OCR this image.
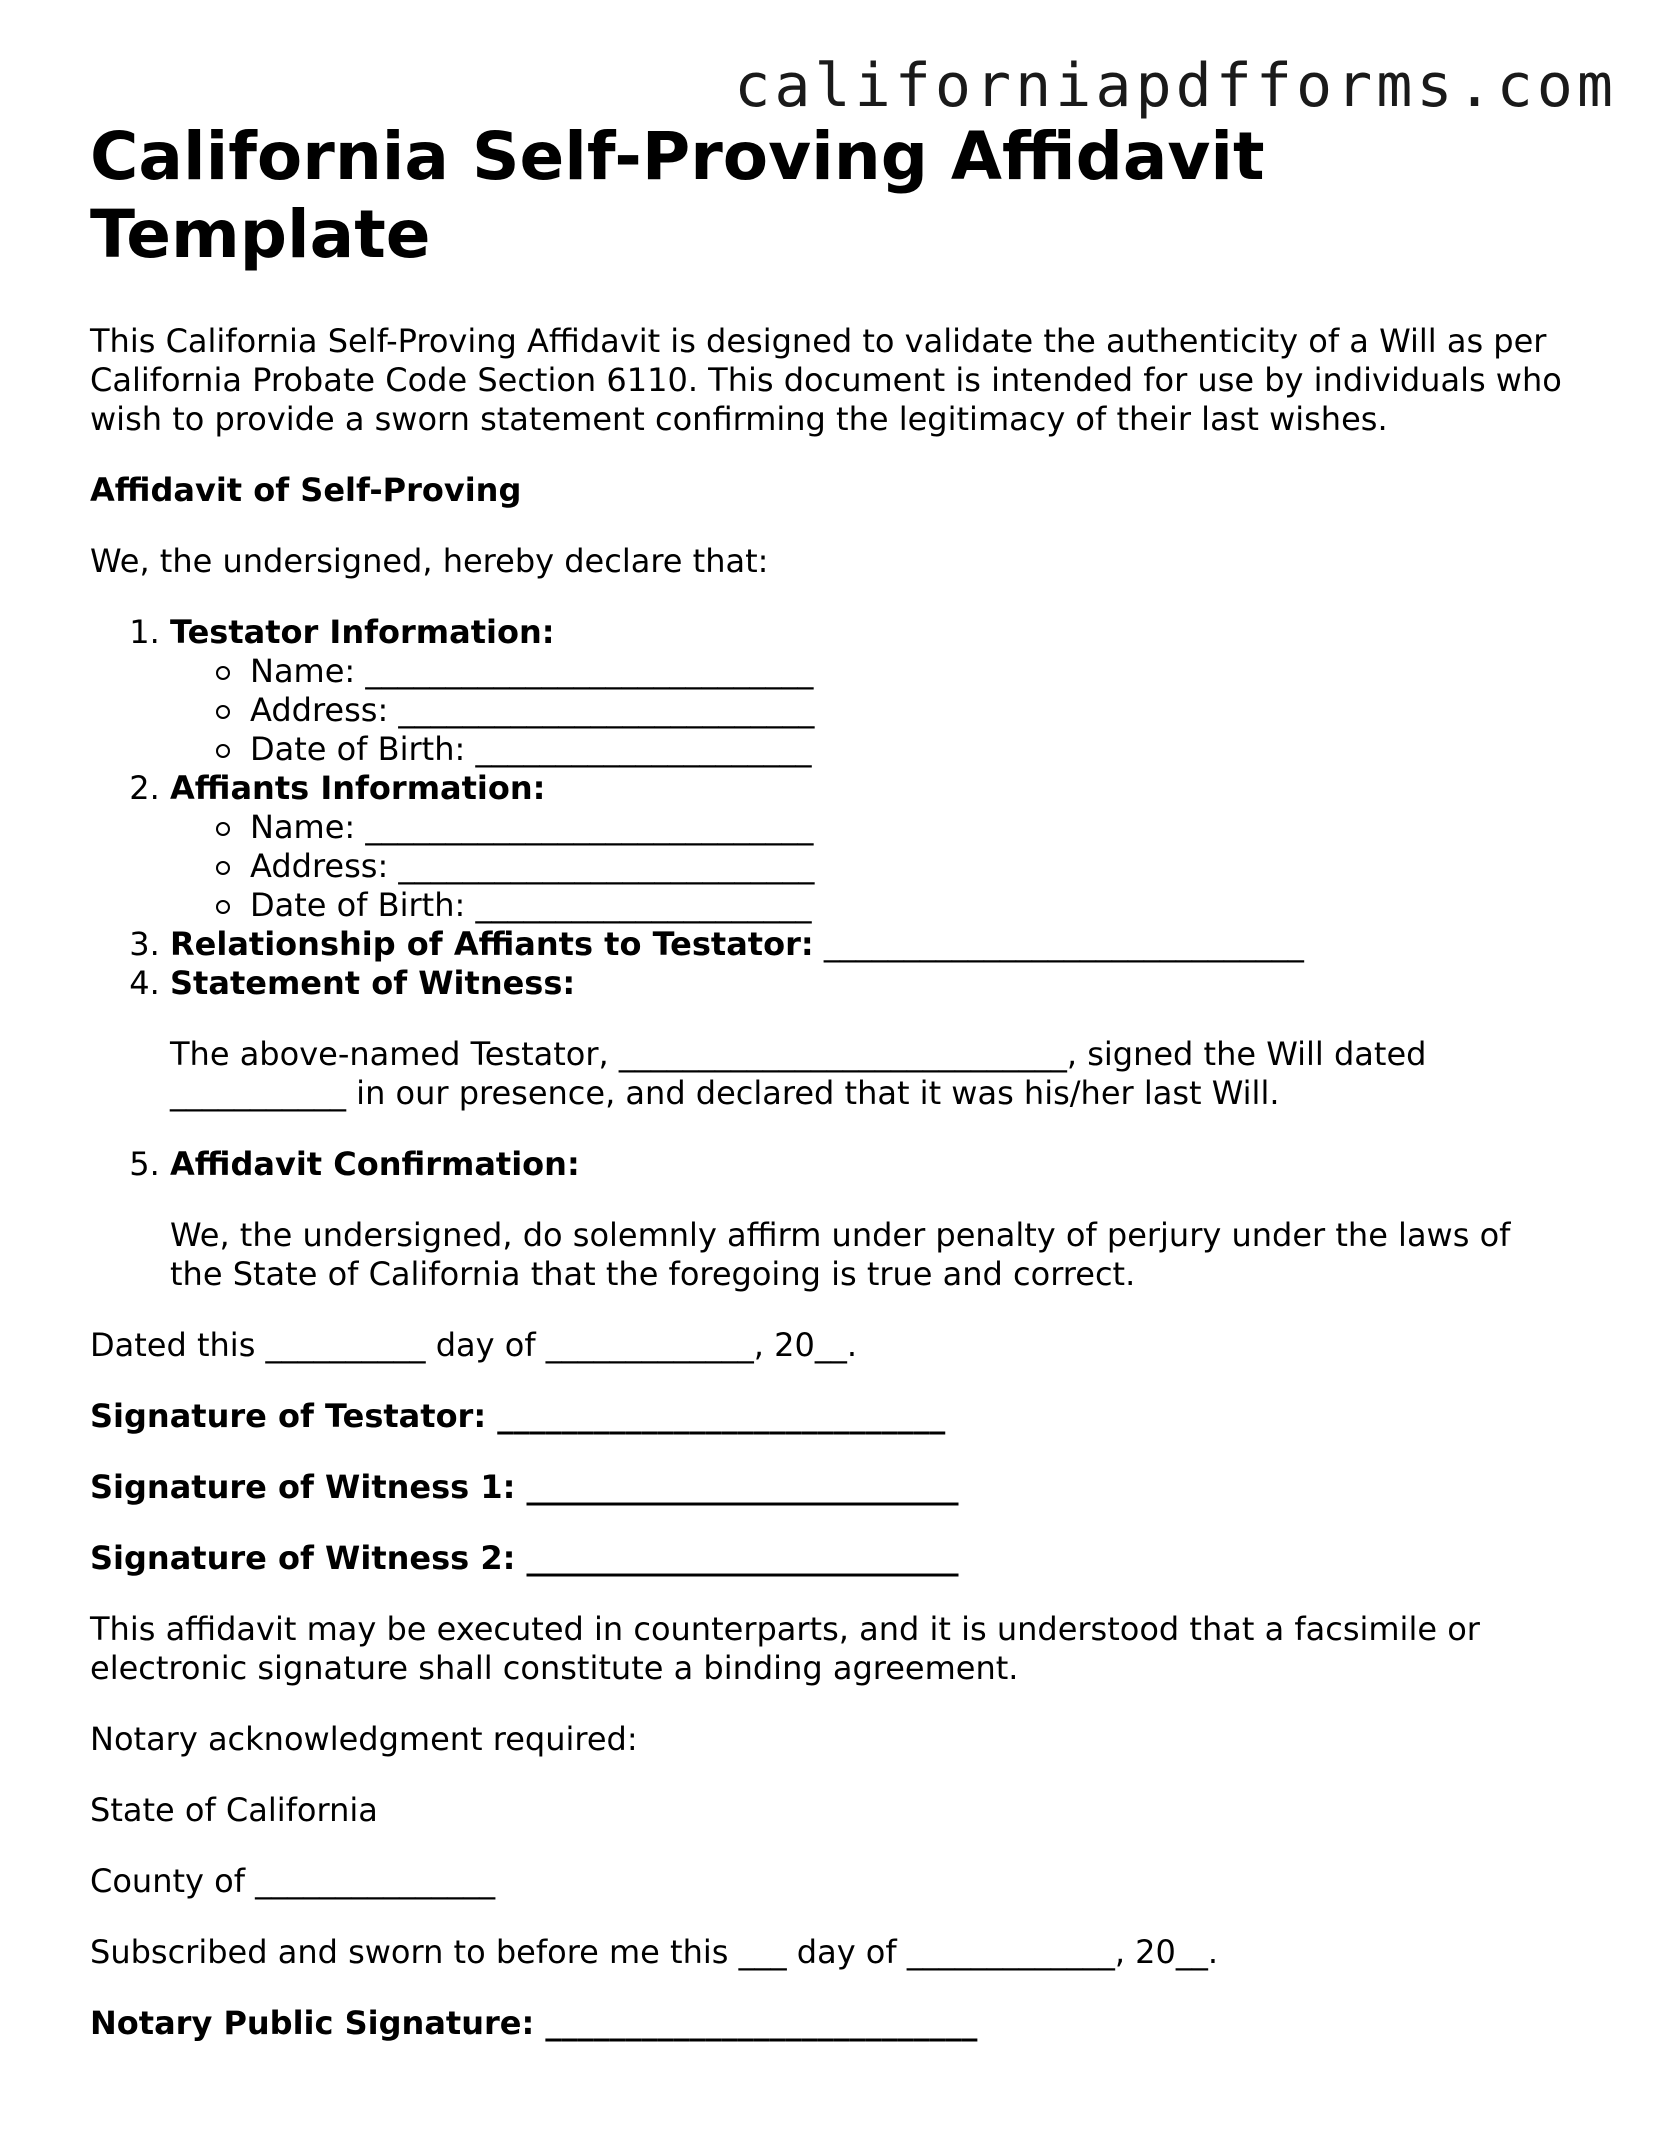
californiapdfforms.com
California Self-Proving Affidavit Template

This California Self-Proving Affidavit is designed to validate the authenticity of a Will as per California Probate Code Section 6110. This document is intended for use by individuals who wish to provide a sworn statement confirming the legitimacy of their last wishes.

Affidavit of Self-Proving

We, the undersigned, hereby declare that:

1. Testator Information:
Name: ____________________________
Address: __________________________
Date of Birth: _____________________
2. Affiants Information:
Name: ____________________________
Address: __________________________
Date of Birth: _____________________
3. Relationship of Affiants to Testator: ______________________________
4. Statement of Witness:

The above-named Testator, ____________________________, signed the Will dated ___________ in our presence, and declared that it was his/her last Will.

5. Affidavit Confirmation:

We, the undersigned, do solemnly affirm under penalty of perjury under the laws of the State of California that the foregoing is true and correct.

Dated this __________ day of _____________, 20__.

Signature of Testator: ____________________________

Signature of Witness 1: ___________________________

Signature of Witness 2: ___________________________

This affidavit may be executed in counterparts, and it is understood that a facsimile or electronic signature shall constitute a binding agreement.

Notary acknowledgment required:

State of California

County of _______________

Subscribed and sworn to before me this ___ day of _____________, 20__.

Notary Public Signature: ___________________________
